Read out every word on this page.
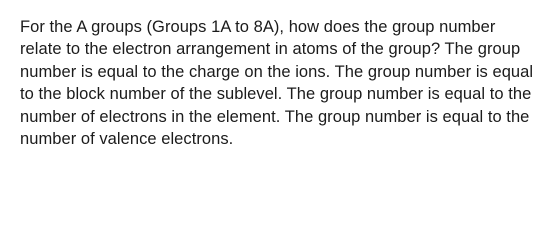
For the A groups (Groups 1A to 8A), how does the group number relate to the electron arrangement in atoms of the group? The group number is equal to the charge on the ions. The group number is equal to the block number of the sublevel. The group number is equal to the number of electrons in the element. The group number is equal to the number of valence electrons.
